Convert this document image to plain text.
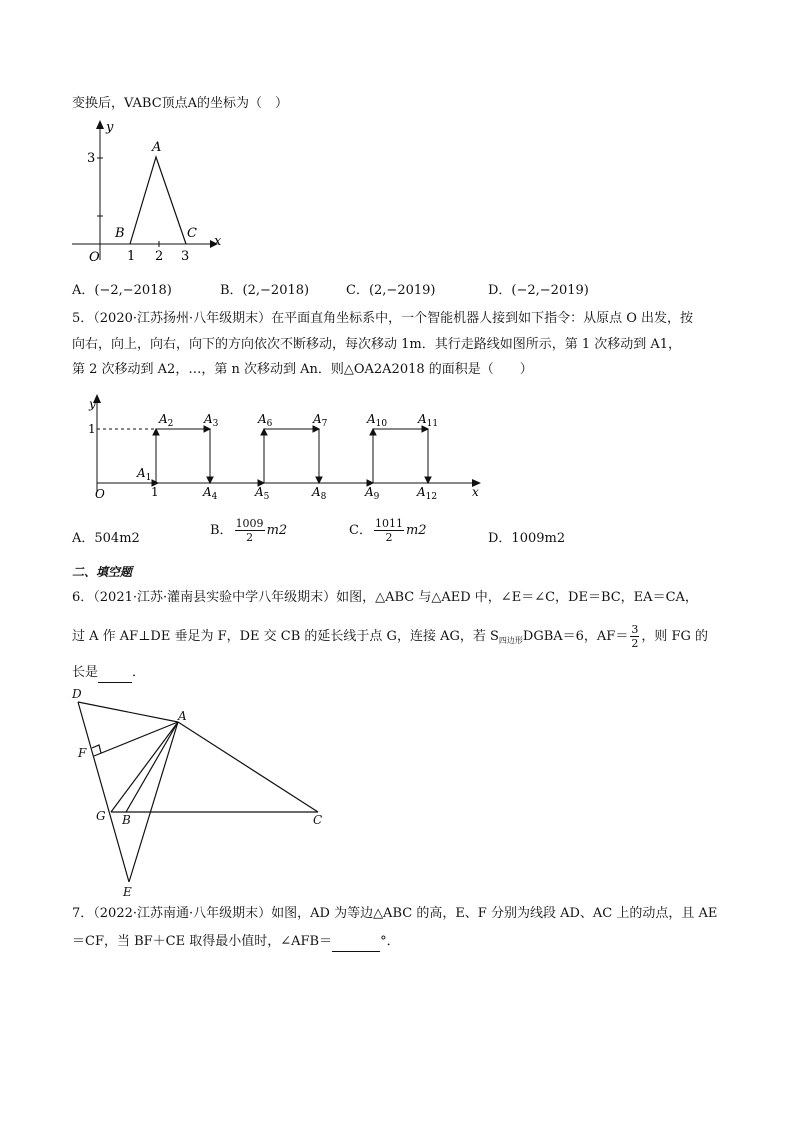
变换后，VABC顶点A的坐标为（　）
y
x
O
3
1 2 3
A
B	C
A．(−2,−2018)	B．(2,−2018)	C．(2,−2019)	D．(−2,−2019)
5．（2020·江苏扬州·八年级期末）在平面直角坐标系中，一个智能机器人接到如下指令：从原点 O 出发，按
向右，向上，向右，向下的方向依次不断移动，每次移动 1m．其行走路线如图所示，第 1 次移动到 A1，
第 2 次移动到 A2，…，第 n 次移动到 An．则△OA2A2018 的面积是（　　）
y
x
O
1
1
$A_1$
$A_2$	$A_3$
$A_4$	$A_5$
$A_6$	$A_7$
$A_8$	$A_9$
$A_{10}$	$A_{11}$
$A_{12}$
A．504m2
B． $\frac{1009}{2} m2$	C． $\frac{1011}{2} m2$
D．1009m2
二、填空题
6．（2021·江苏·灌南县实验中学八年级期末）如图，△ABC 与△AED 中，∠E＝∠C，DE＝BC，EA＝CA，
过 A 作 AF⊥DE 垂足为 F，DE 交 CB 的延长线于点 G，连接 AG，若 $S_{四边形}DGBA=6$，$AF= \frac{3}{2}$ ，则 FG 的
长是	．
D
A
F
G B	C
E
7．（2022·江苏南通·八年级期末）如图，AD 为等边△ABC 的高，E、F 分别为线段 AD、AC 上的动点，且 AE
＝CF，当 BF＋CE 取得最小值时，∠AFB＝	°．
